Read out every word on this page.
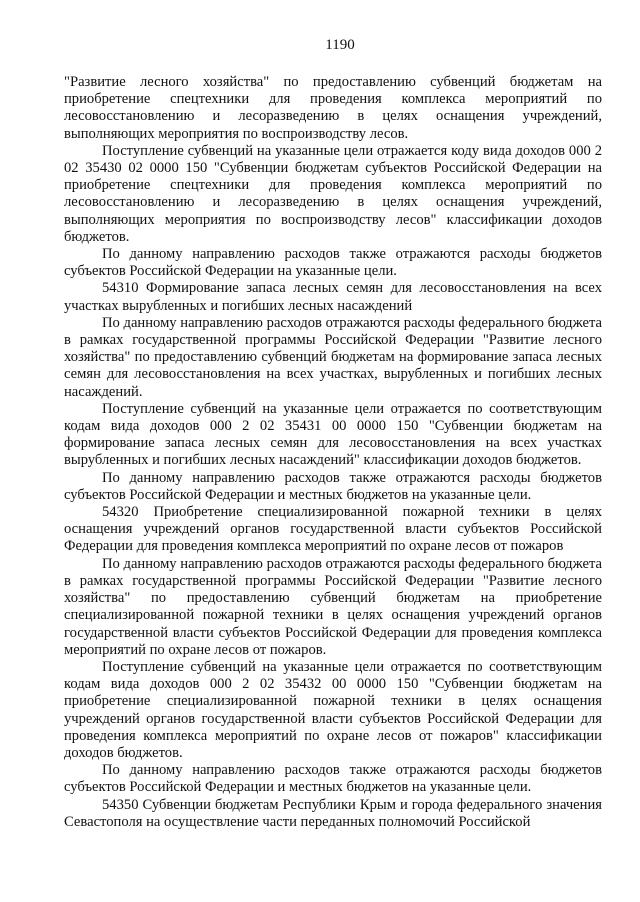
1190

"Развитие лесного хозяйства" по предоставлению субвенций бюджетам на приобретение спецтехники для проведения комплекса мероприятий по лесовосстановлению и лесоразведению в целях оснащения учреждений, выполняющих мероприятия по воспроизводству лесов.

Поступление субвенций на указанные цели отражается коду вида доходов 000 2 02 35430 02 0000 150 "Субвенции бюджетам субъектов Российской Федерации на приобретение спецтехники для проведения комплекса мероприятий по лесовосстановлению и лесоразведению в целях оснащения учреждений, выполняющих мероприятия по воспроизводству лесов" классификации доходов бюджетов.

По данному направлению расходов также отражаются расходы бюджетов субъектов Российской Федерации на указанные цели.

54310 Формирование запаса лесных семян для лесовосстановления на всех участках вырубленных и погибших лесных насаждений

По данному направлению расходов отражаются расходы федерального бюджета в рамках государственной программы Российской Федерации "Развитие лесного хозяйства" по предоставлению субвенций бюджетам на формирование запаса лесных семян для лесовосстановления на всех участках, вырубленных и погибших лесных насаждений.

Поступление субвенций на указанные цели отражается по соответствующим кодам вида доходов 000 2 02 35431 00 0000 150 "Субвенции бюджетам на формирование запаса лесных семян для лесовосстановления на всех участках вырубленных и погибших лесных насаждений" классификации доходов бюджетов.

По данному направлению расходов также отражаются расходы бюджетов субъектов Российской Федерации и местных бюджетов на указанные цели.

54320 Приобретение специализированной пожарной техники в целях оснащения учреждений органов государственной власти субъектов Российской Федерации для проведения комплекса мероприятий по охране лесов от пожаров

По данному направлению расходов отражаются расходы федерального бюджета в рамках государственной программы Российской Федерации "Развитие лесного хозяйства" по предоставлению субвенций бюджетам на приобретение специализированной пожарной техники в целях оснащения учреждений органов государственной власти субъектов Российской Федерации для проведения комплекса мероприятий по охране лесов от пожаров.

Поступление субвенций на указанные цели отражается по соответствующим кодам вида доходов 000 2 02 35432 00 0000 150 "Субвенции бюджетам на приобретение специализированной пожарной техники в целях оснащения учреждений органов государственной власти субъектов Российской Федерации для проведения комплекса мероприятий по охране лесов от пожаров" классификации доходов бюджетов.

По данному направлению расходов также отражаются расходы бюджетов субъектов Российской Федерации и местных бюджетов на указанные цели.

54350 Субвенции бюджетам Республики Крым и города федерального значения Севастополя на осуществление части переданных полномочий Российской
